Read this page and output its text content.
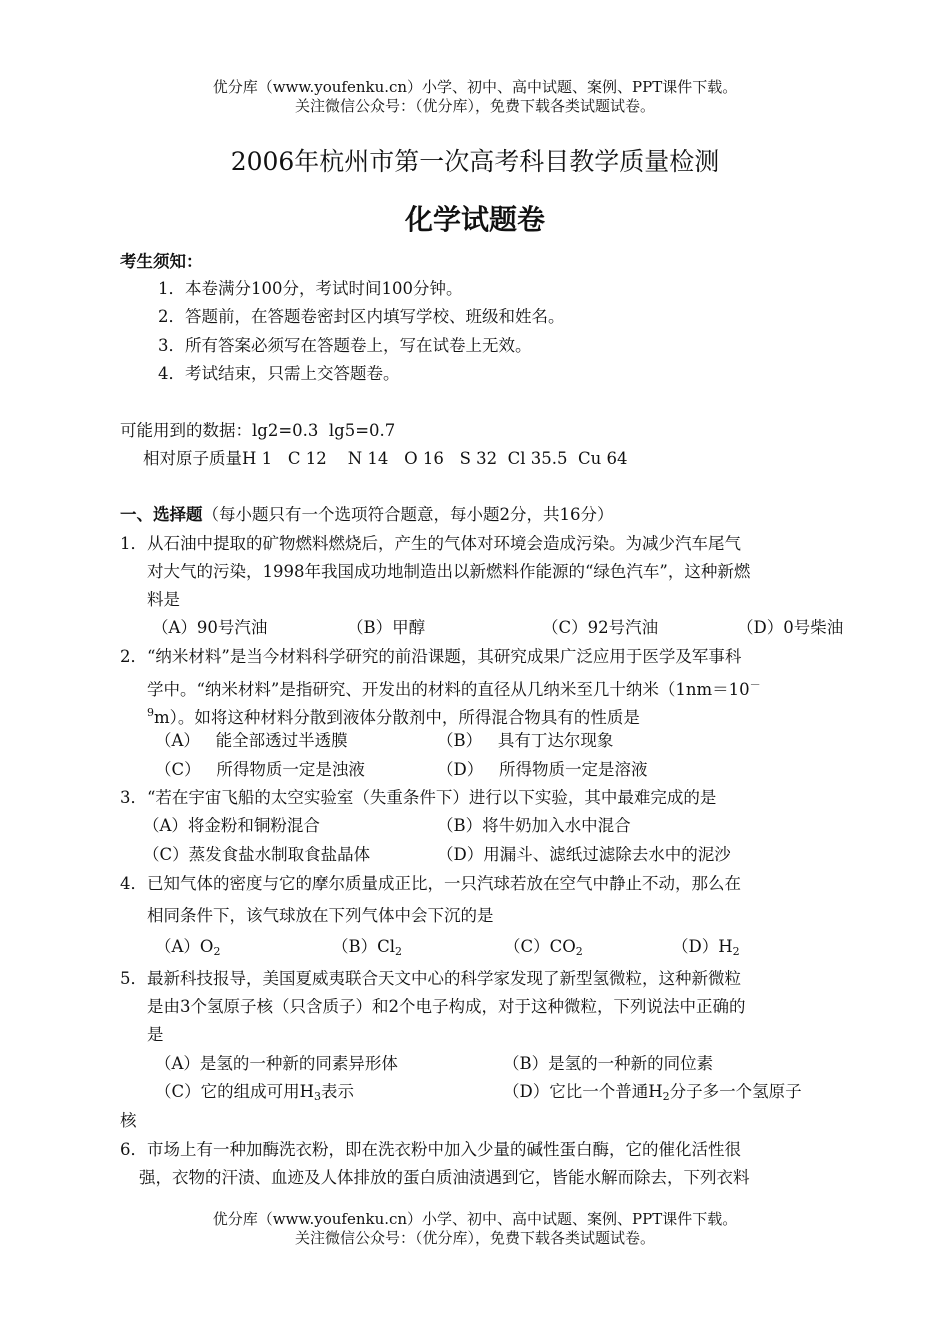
优分库（www.youfenku.cn）小学、初中、高中试题、案例、PPT课件下载。
关注微信公众号：（优分库），免费下载各类试题试卷。
2006年杭州市第一次高考科目教学质量检测
化学试题卷
考生须知：
1．本卷满分100分，考试时间100分钟。
2．答题前，在答题卷密封区内填写学校、班级和姓名。
3．所有答案必须写在答题卷上，写在试卷上无效。
4．考试结束，只需上交答题卷。
可能用到的数据：lg2=0.3  lg5=0.7
相对原子质量H 1   C 12    N 14   O 16   S 32  Cl 35.5  Cu 64
一、选择题（每小题只有一个选项符合题意，每小题2分，共16分）
1．从石油中提取的矿物燃料燃烧后，产生的气体对环境会造成污染。为减少汽车尾气
对大气的污染，1998年我国成功地制造出以新燃料作能源的“绿色汽车”，这种新燃
料是
（A）90号汽油	（B）甲醇	（C）92号汽油	（D）0号柴油
2．“纳米材料”是当今材料科学研究的前沿课题，其研究成果广泛应用于医学及军事科
学中。“纳米材料”是指研究、开发出的材料的直径从几纳米至几十纳米（1nm＝10－
$^9$m）。如将这种材料分散到液体分散剂中，所得混合物具有的性质是
（A）   能全部透过半透膜	（B）   具有丁达尔现象
（C）   所得物质一定是浊液	（D）   所得物质一定是溶液
3．“若在宇宙飞船的太空实验室（失重条件下）进行以下实验，其中最难完成的是
（A）将金粉和铜粉混合	（B）将牛奶加入水中混合
（C）蒸发食盐水制取食盐晶体	（D）用漏斗、滤纸过滤除去水中的泥沙
4．已知气体的密度与它的摩尔质量成正比，一只汽球若放在空气中静止不动，那么在
相同条件下，该气球放在下列气体中会下沉的是
$(A)O_2$	$(B)Cl_2$	$(C)CO_2$	$(D)H_2$
5．最新科技报导，美国夏威夷联合天文中心的科学家发现了新型氢微粒，这种新微粒
是由3个氢原子核（只含质子）和2个电子构成，对于这种微粒，下列说法中正确的
是
（A）是氢的一种新的同素异形体	（B）是氢的一种新的同位素
（C）它的组成可用$H_3$表示	（D）它比一个普通$H_2$分子多一个氢原子
核
6．市场上有一种加酶洗衣粉，即在洗衣粉中加入少量的碱性蛋白酶，它的催化活性很
强，衣物的汗渍、血迹及人体排放的蛋白质油渍遇到它，皆能水解而除去，下列衣料
优分库（www.youfenku.cn）小学、初中、高中试题、案例、PPT课件下载。
关注微信公众号：（优分库），免费下载各类试题试卷。
